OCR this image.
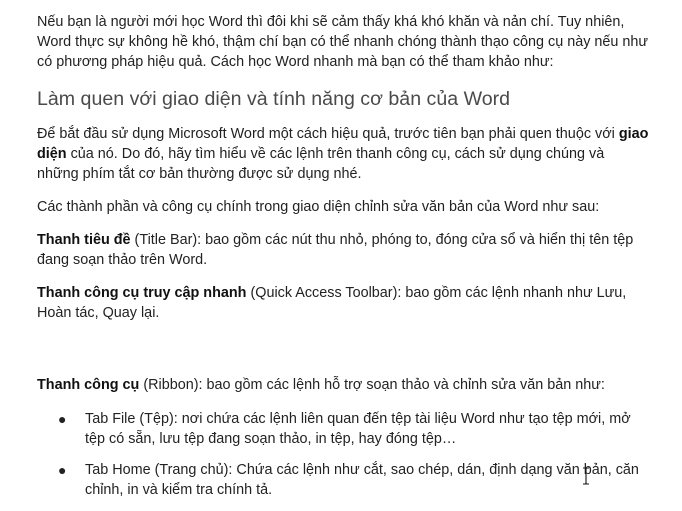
Nếu bạn là người mới học Word thì đôi khi sẽ cảm thấy khá khó khăn và nản chí. Tuy nhiên, Word thực sự không hề khó, thậm chí bạn có thể nhanh chóng thành thạo công cụ này nếu như có phương pháp hiệu quả. Cách học Word nhanh mà bạn có thể tham khảo như:

Làm quen với giao diện và tính năng cơ bản của Word

Để bắt đầu sử dụng Microsoft Word một cách hiệu quả, trước tiên bạn phải quen thuộc với giao diện của nó. Do đó, hãy tìm hiểu về các lệnh trên thanh công cụ, cách sử dụng chúng và những phím tắt cơ bản thường được sử dụng nhé.

Các thành phần và công cụ chính trong giao diện chỉnh sửa văn bản của Word như sau:

Thanh tiêu đề (Title Bar): bao gồm các nút thu nhỏ, phóng to, đóng cửa sổ và hiển thị tên tệp đang soạn thảo trên Word.

Thanh công cụ truy cập nhanh (Quick Access Toolbar): bao gồm các lệnh nhanh như Lưu, Hoàn tác, Quay lại.

Thanh công cụ (Ribbon): bao gồm các lệnh hỗ trợ soạn thảo và chỉnh sửa văn bản như:

● Tab File (Tệp): nơi chứa các lệnh liên quan đến tệp tài liệu Word như tạo tệp mới, mở tệp có sẵn, lưu tệp đang soạn thảo, in tệp, hay đóng tệp…
● Tab Home (Trang chủ): Chứa các lệnh như cắt, sao chép, dán, định dạng văn bản, căn chỉnh, in và kiểm tra chính tả.
